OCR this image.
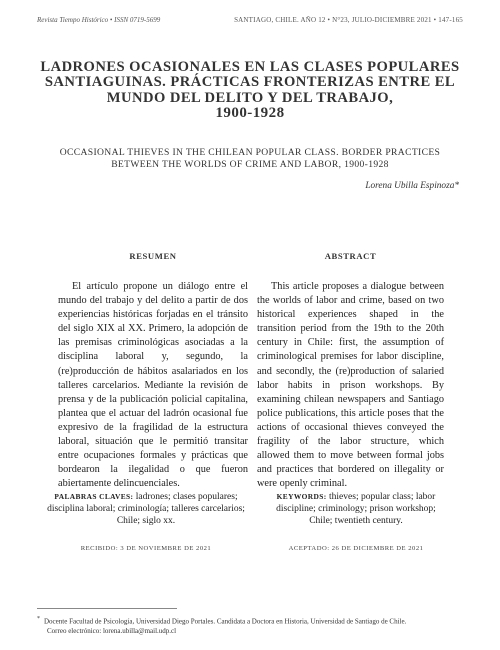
Revista Tiempo Histórico • ISSN 0719-5699	SANTIAGO, CHILE. AÑO 12 • N°23, JULIO-DICIEMBRE 2021 • 147-165
LADRONES OCASIONALES EN LAS CLASES POPULARES SANTIAGUINAS. PRÁCTICAS FRONTERIZAS ENTRE EL MUNDO DEL DELITO Y DEL TRABAJO,
1900-1928
OCCASIONAL THIEVES IN THE CHILEAN POPULAR CLASS. BORDER PRACTICES BETWEEN THE WORLDS OF CRIME AND LABOR, 1900-1928
Lorena Ubilla Espinoza*
RESUMEN

El artículo propone un diálogo entre el mundo del trabajo y del delito a partir de dos experiencias históricas forjadas en el tránsito del siglo XIX al XX. Primero, la adopción de las premisas criminológicas asociadas a la disciplina laboral y, segundo, la (re)producción de hábitos asalariados en los talleres carcelarios. Mediante la revisión de prensa y de la publicación policial capitalina, plantea que el actuar del ladrón ocasional fue expresivo de la fragilidad de la estructura laboral, situación que le permitió transitar entre ocupaciones formales y prácticas que bordearon la ilegalidad o que fueron abiertamente delincuenciales.

ABSTRACT

This article proposes a dialogue between the worlds of labor and crime, based on two historical experiences shaped in the transition period from the 19th to the 20th century in Chile: first, the assumption of criminological premises for labor discipline, and secondly, the (re)production of salaried labor habits in prison workshops. By examining chilean newspapers and Santiago police publications, this article poses that the actions of occasional thieves conveyed the fragility of the labor structure, which allowed them to move between formal jobs and practices that bordered on illegality or were openly criminal.

PALABRAS CLAVES: ladrones; clases populares; disciplina laboral; criminología; talleres carcelarios; Chile; siglo xx.
KEYWORDS: thieves; popular class; labor discipline; criminology; prison workshop; Chile; twentieth century.
RECIBIDO: 3 DE NOVIEMBRE DE 2021	ACEPTADO: 26 DE DICIEMBRE DE 2021
* Docente Facultad de Psicología, Universidad Diego Portales. Candidata a Doctora en Historia, Universidad de Santiago de Chile.
Correo electrónico: lorena.ubilla@mail.udp.cl
